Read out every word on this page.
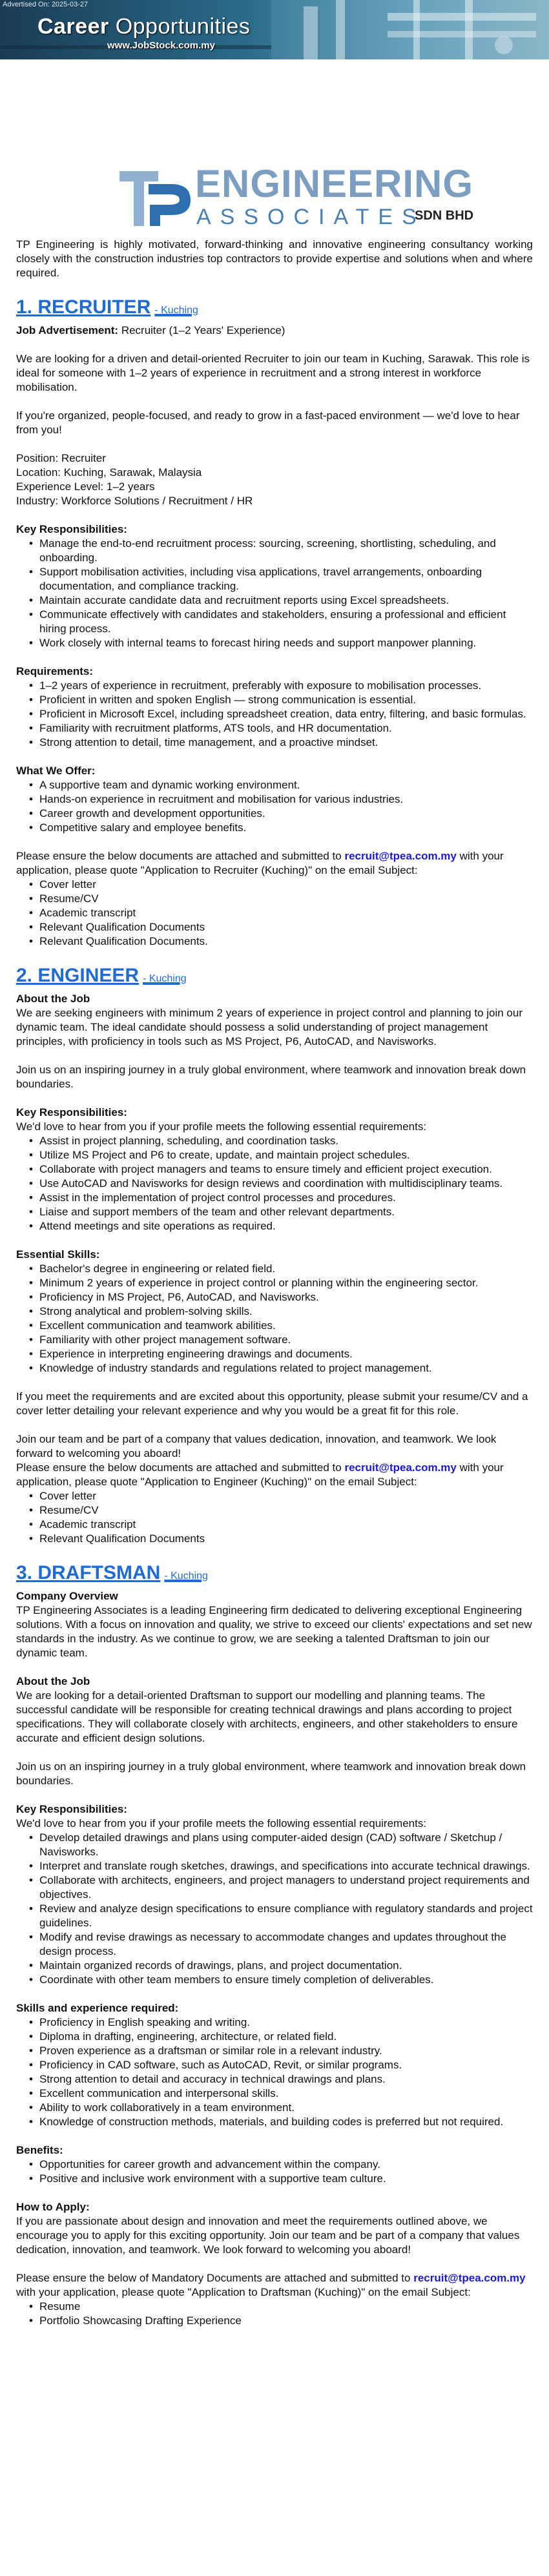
Advertised On: 2025-03-27
Career Opportunities
www.JobStock.com.my
ENGINEERING
ASSOCIATES
SDN BHD

TP Engineering is highly motivated, forward-thinking and innovative engineering consultancy working closely with the construction industries top contractors to provide expertise and solutions when and where required.

1. RECRUITER - Kuching

Job Advertisement: Recruiter (1–2 Years' Experience)

We are looking for a driven and detail-oriented Recruiter to join our team in Kuching, Sarawak. This role is ideal for someone with 1–2 years of experience in recruitment and a strong interest in workforce mobilisation.

If you're organized, people-focused, and ready to grow in a fast-paced environment — we'd love to hear from you!

Position: Recruiter

Location: Kuching, Sarawak, Malaysia

Experience Level: 1–2 years

Industry: Workforce Solutions / Recruitment / HR

Key Responsibilities:

• Manage the end-to-end recruitment process: sourcing, screening, shortlisting, scheduling, and onboarding.
• Support mobilisation activities, including visa applications, travel arrangements, onboarding documentation, and compliance tracking.
• Maintain accurate candidate data and recruitment reports using Excel spreadsheets.
• Communicate effectively with candidates and stakeholders, ensuring a professional and efficient hiring process.
• Work closely with internal teams to forecast hiring needs and support manpower planning.

Requirements:

• 1–2 years of experience in recruitment, preferably with exposure to mobilisation processes.
• Proficient in written and spoken English — strong communication is essential.
• Proficient in Microsoft Excel, including spreadsheet creation, data entry, filtering, and basic formulas.
• Familiarity with recruitment platforms, ATS tools, and HR documentation.
• Strong attention to detail, time management, and a proactive mindset.

What We Offer:

• A supportive team and dynamic working environment.
• Hands-on experience in recruitment and mobilisation for various industries.
• Career growth and development opportunities.
• Competitive salary and employee benefits.

Please ensure the below documents are attached and submitted to recruit@tpea.com.my with your application, please quote "Application to Recruiter (Kuching)" on the email Subject:

• Cover letter
• Resume/CV
• Academic transcript
• Relevant Qualification Documents
• Relevant Qualification Documents.
2. ENGINEER - Kuching

About the Job

We are seeking engineers with minimum 2 years of experience in project control and planning to join our dynamic team. The ideal candidate should possess a solid understanding of project management principles, with proficiency in tools such as MS Project, P6, AutoCAD, and Navisworks.

Join us on an inspiring journey in a truly global environment, where teamwork and innovation break down boundaries.

Key Responsibilities:

We'd love to hear from you if your profile meets the following essential requirements:

• Assist in project planning, scheduling, and coordination tasks.
• Utilize MS Project and P6 to create, update, and maintain project schedules.
• Collaborate with project managers and teams to ensure timely and efficient project execution.
• Use AutoCAD and Navisworks for design reviews and coordination with multidisciplinary teams.
• Assist in the implementation of project control processes and procedures.
• Liaise and support members of the team and other relevant departments.
• Attend meetings and site operations as required.

Essential Skills:

• Bachelor's degree in engineering or related field.
• Minimum 2 years of experience in project control or planning within the engineering sector.
• Proficiency in MS Project, P6, AutoCAD, and Navisworks.
• Strong analytical and problem-solving skills.
• Excellent communication and teamwork abilities.
• Familiarity with other project management software.
• Experience in interpreting engineering drawings and documents.
• Knowledge of industry standards and regulations related to project management.

If you meet the requirements and are excited about this opportunity, please submit your resume/CV and a cover letter detailing your relevant experience and why you would be a great fit for this role.

Join our team and be part of a company that values dedication, innovation, and teamwork. We look forward to welcoming you aboard!

Please ensure the below documents are attached and submitted to recruit@tpea.com.my with your application, please quote "Application to Engineer (Kuching)" on the email Subject:

• Cover letter
• Resume/CV
• Academic transcript
• Relevant Qualification Documents
3. DRAFTSMAN - Kuching

Company Overview

TP Engineering Associates is a leading Engineering firm dedicated to delivering exceptional Engineering solutions. With a focus on innovation and quality, we strive to exceed our clients' expectations and set new standards in the industry. As we continue to grow, we are seeking a talented Draftsman to join our dynamic team.

About the Job

We are looking for a detail-oriented Draftsman to support our modelling and planning teams. The successful candidate will be responsible for creating technical drawings and plans according to project specifications. They will collaborate closely with architects, engineers, and other stakeholders to ensure accurate and efficient design solutions.

Join us on an inspiring journey in a truly global environment, where teamwork and innovation break down boundaries.

Key Responsibilities:

We'd love to hear from you if your profile meets the following essential requirements:

• Develop detailed drawings and plans using computer-aided design (CAD) software / Sketchup / Navisworks.
• Interpret and translate rough sketches, drawings, and specifications into accurate technical drawings.
• Collaborate with architects, engineers, and project managers to understand project requirements and objectives.
• Review and analyze design specifications to ensure compliance with regulatory standards and project guidelines.
• Modify and revise drawings as necessary to accommodate changes and updates throughout the design process.
• Maintain organized records of drawings, plans, and project documentation.
• Coordinate with other team members to ensure timely completion of deliverables.

Skills and experience required:

• Proficiency in English speaking and writing.
• Diploma in drafting, engineering, architecture, or related field.
• Proven experience as a draftsman or similar role in a relevant industry.
• Proficiency in CAD software, such as AutoCAD, Revit, or similar programs.
• Strong attention to detail and accuracy in technical drawings and plans.
• Excellent communication and interpersonal skills.
• Ability to work collaboratively in a team environment.
• Knowledge of construction methods, materials, and building codes is preferred but not required.

Benefits:

• Opportunities for career growth and advancement within the company.
• Positive and inclusive work environment with a supportive team culture.

How to Apply:

If you are passionate about design and innovation and meet the requirements outlined above, we encourage you to apply for this exciting opportunity. Join our team and be part of a company that values dedication, innovation, and teamwork. We look forward to welcoming you aboard!

Please ensure the below of Mandatory Documents are attached and submitted to recruit@tpea.com.my with your application, please quote "Application to Draftsman (Kuching)" on the email Subject:

• Resume
• Portfolio Showcasing Drafting Experience
